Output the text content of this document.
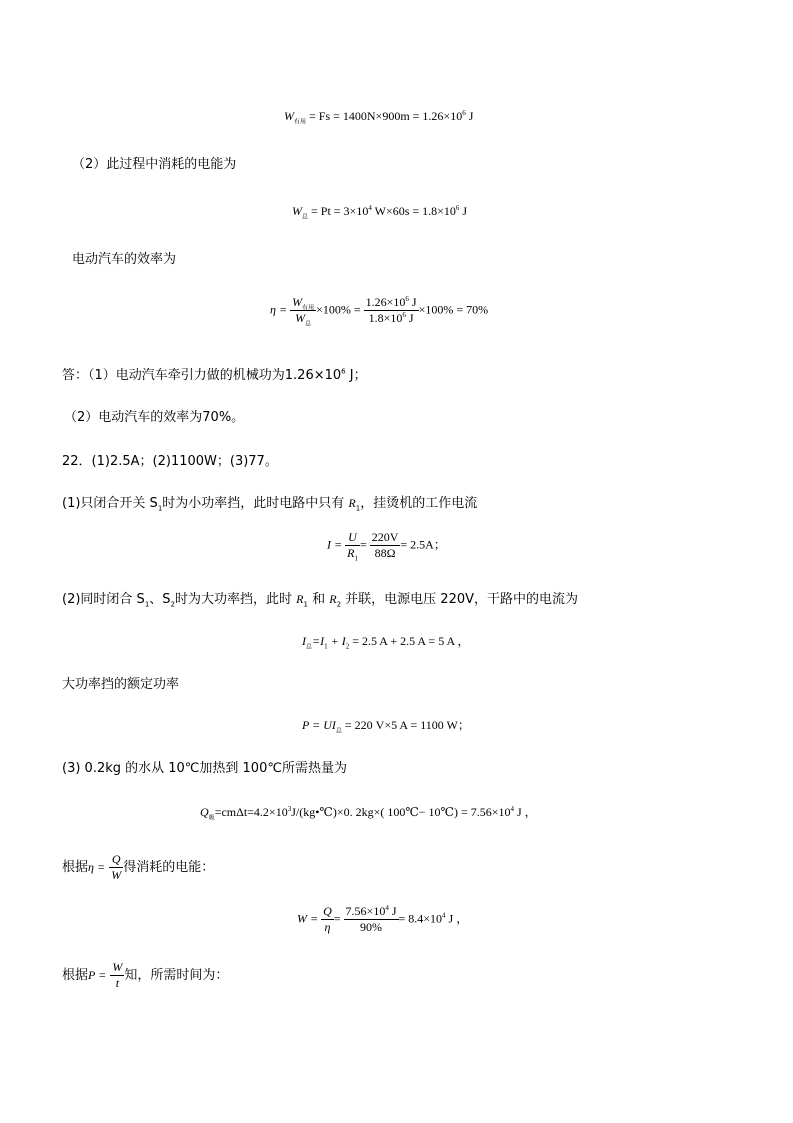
$W_{有用} = Fs = 1400N\times 900m = 1.26\times 10^6$ J
（2）此过程中消耗的电能为
$W_总 = Pt = 3\times 10^4$ $W\times 60s = 1.8\times 10^6$ J
电动汽车的效率为
$\eta = \frac{W_{有用}}{W_总} \times 100\% = \frac{1.26\times 10^6 J}{1.8\times 10^6 J} \times 100\% = 70\%$
答：（1）电动汽车牵引力做的机械功为$1.26\times 10^6$ J；
（2）电动汽车的效率为70%。
22．(1)2.5A；(2)1100W；(3)77。
(1)只闭合开关 $S_1$时为小功率挡，此时电路中只有 $R_1$，挂烫机的工作电流
$I = \frac{U}{R_1} = \frac{220V}{88\Omega} = 2.5A$；
(2)同时闭合 $S_1$、$S_2$时为大功率挡，此时 $R_1$ 和 $R_2$ 并联，电源电压 220V，干路中的电流为
$I_总=I_1 + I_2 = 2.5$ A + 2.5 A = 5 A ，
大功率挡的额定功率
$P = UI_总 = 220$ V×5 A = 1100 W；
(3) 0.2kg 的水从 10℃加热到 100℃所需热量为
$Q_吸=cm\Delta t=4.2\times 10^3J/(kg•℃)\times 0$. 2kg×( 100℃− 10℃) = $7.56\times 10^4$ J ，
根据$\eta = \frac{Q}{W}$ 得消耗的电能：
$W = \frac{Q}{\eta} = \frac{7.56\times 10^4 J}{90\%} = 8.4\times 10^4$ J ，
根据$P = \frac{W}{t}$ 知，所需时间为：
